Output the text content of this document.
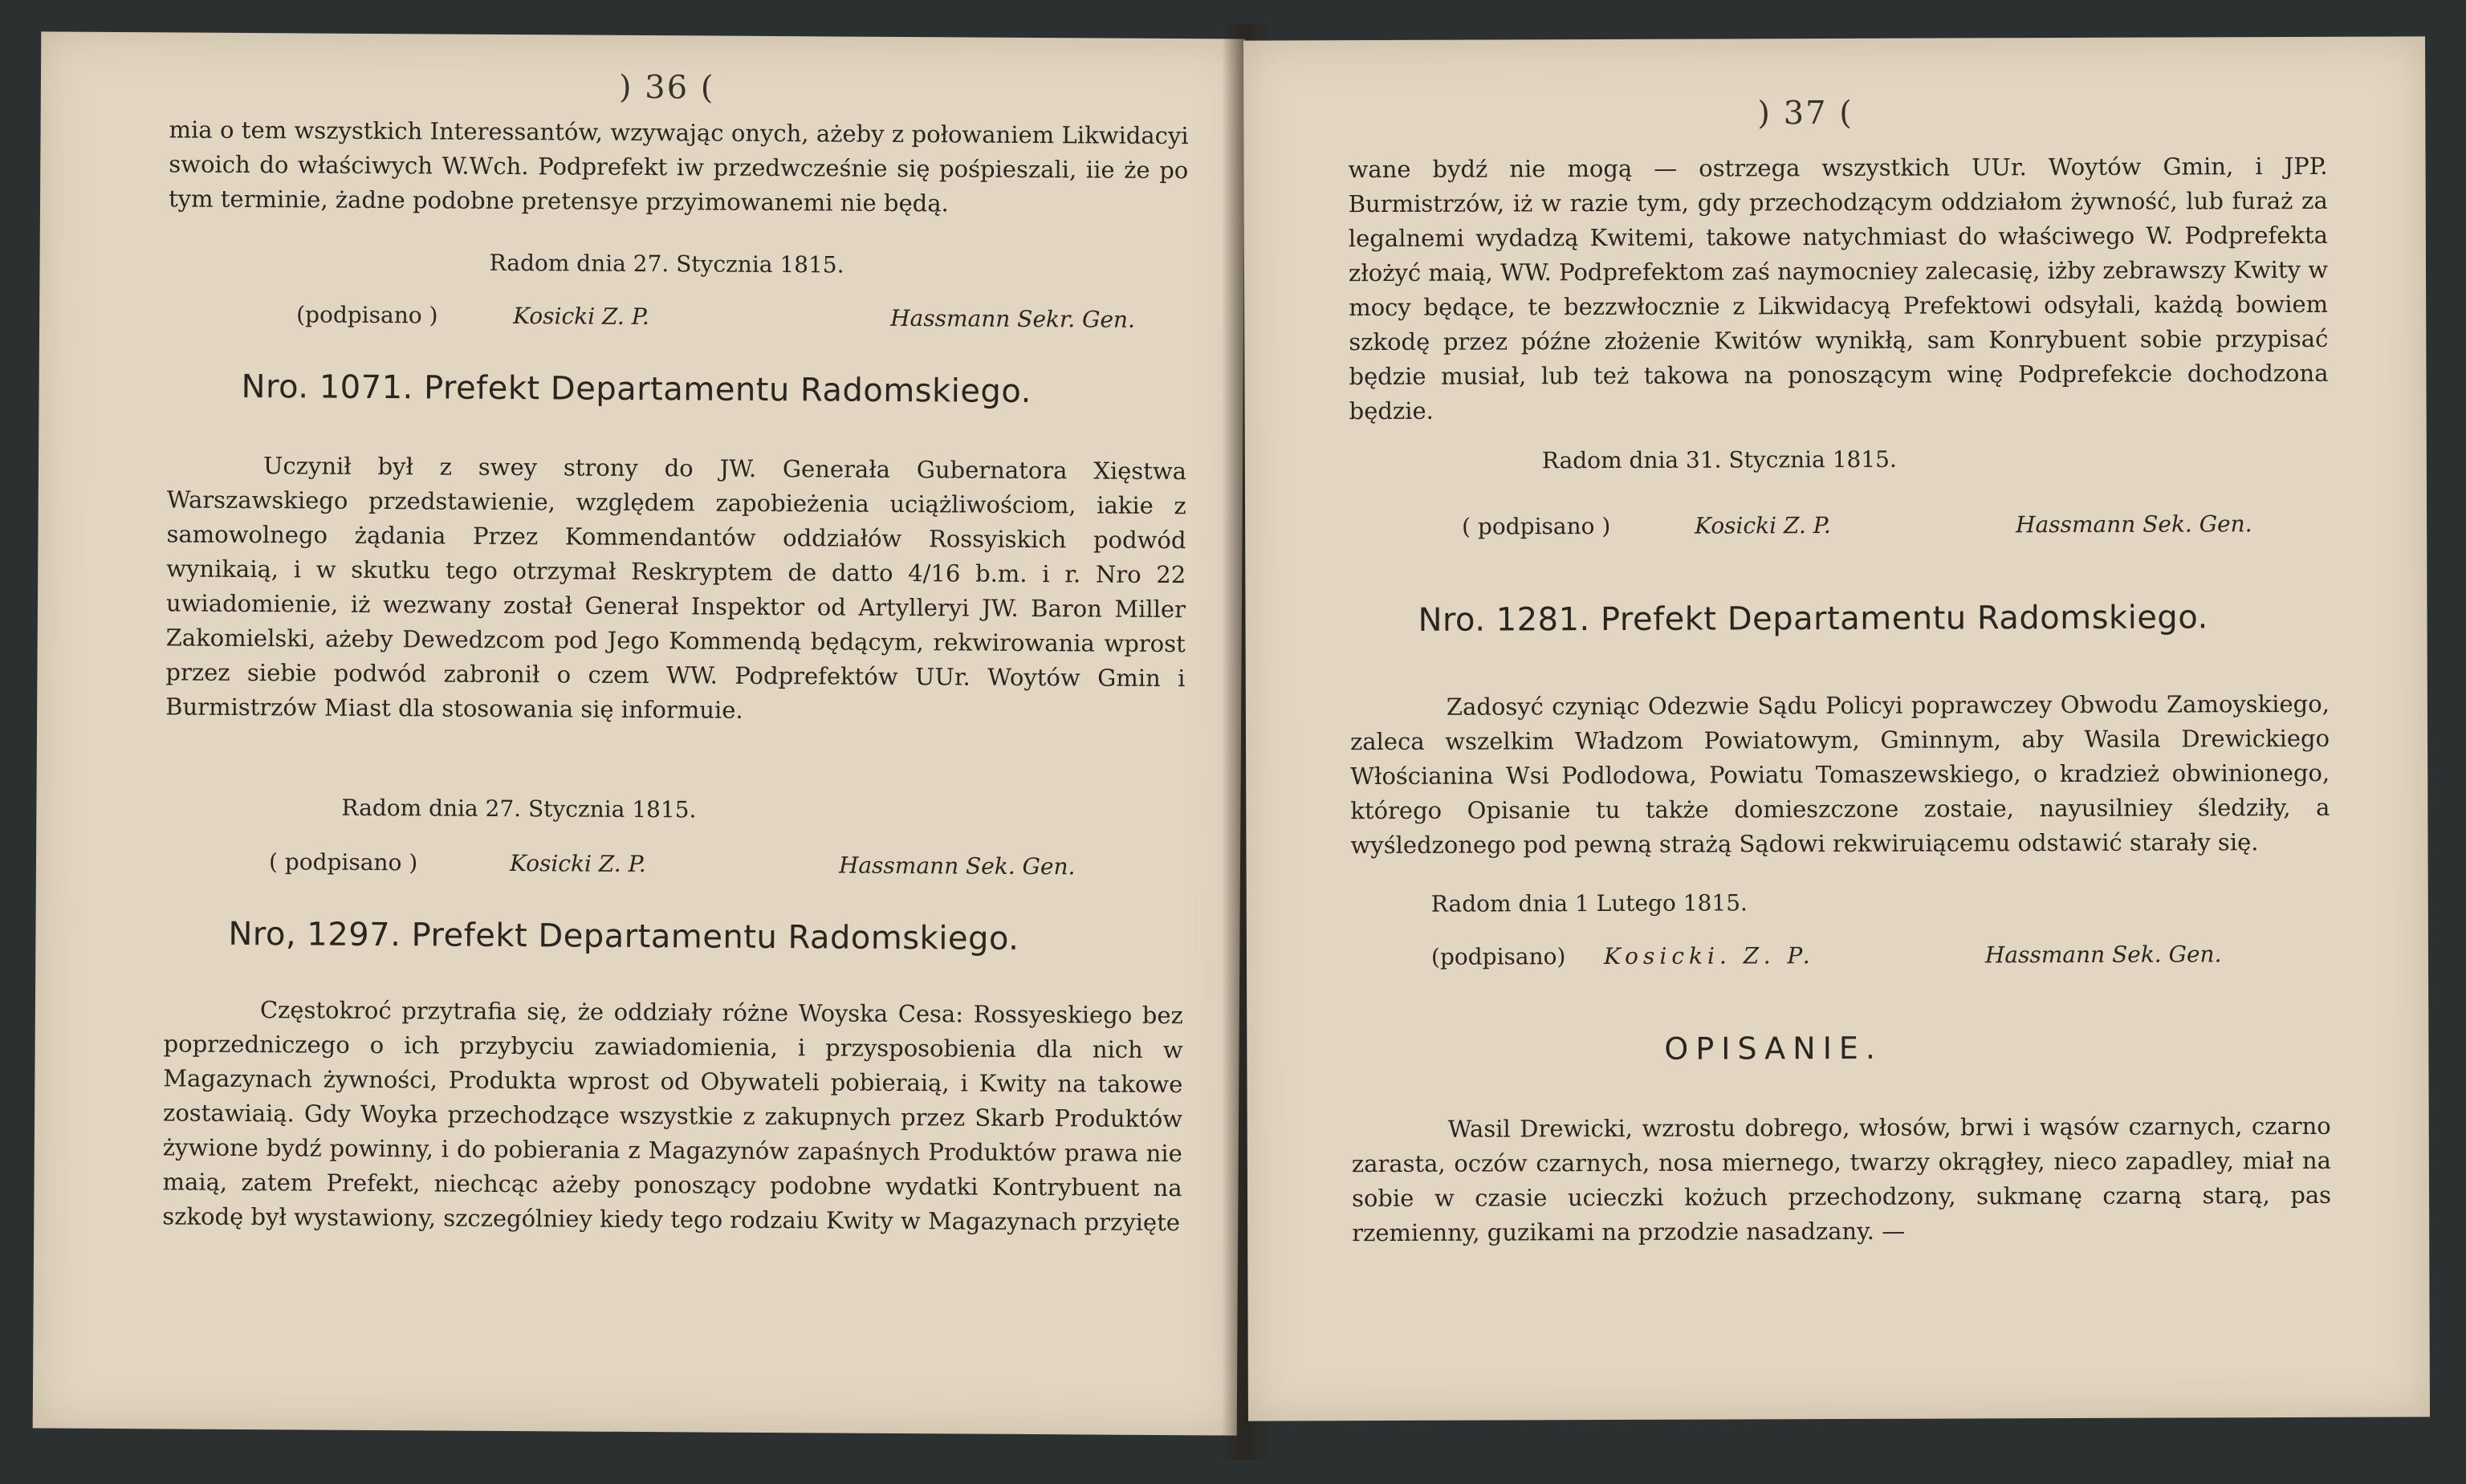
) 36 (

mia o tem wszystkich Interessantów, wzywając onych, ażeby z połowaniem Likwidacyi swoich do właściwych W.Wch. Podprefekt iw przedwcześnie się pośpieszali, iie że po tym terminie, żadne podobne pretensye przyimowanemi nie będą.

Radom dnia 27. Stycznia 1815.
(podpisano )	Kosicki Z. P.	Hassmann Sekr. Gen.
Nro. 1071. Prefekt Departamentu Radomskiego.

Uczynił był z swey strony do JW. Generała Gubernatora Xięstwa Warszawskiego przedstawienie, względem zapobieżenia uciążliwościom, iakie z samowolnego żądania Przez Kommendantów oddziałów Rossyiskich podwód wynikaią, i w skutku tego otrzymał Reskryptem de datto 4/16 b.m. i r. Nro 22 uwiadomienie, iż wezwany został Generał Inspektor od Artylleryi JW. Baron Miller Zakomielski, ażeby Dewedzcom pod Jego Kommendą będącym, rekwirowania wprost przez siebie podwód zabronił o czem WW. Podprefektów UUr. Woytów Gmin i Burmistrzów Miast dla stosowania się informuie.

Radom dnia 27. Stycznia 1815.
( podpisano )	Kosicki Z. P.	Hassmann Sek. Gen.
Nro, 1297. Prefekt Departamentu Radomskiego.

Częstokroć przytrafia się, że oddziały różne Woyska Cesa: Rossyeskiego bez poprzedniczego o ich przybyciu zawiadomienia, i przysposobienia dla nich w Magazynach żywności, Produkta wprost od Obywateli pobieraią, i Kwity na takowe zostawiaią. Gdy Woyka przechodzące wszystkie z zakupnych przez Skarb Produktów żywione bydź powinny, i do pobierania z Magazynów zapaśnych Produktów prawa nie maią, zatem Prefekt, niechcąc ażeby ponoszący podobne wydatki Kontrybuent na szkodę był wystawiony, szczególniey kiedy tego rodzaiu Kwity w Magazynach przyięte

) 37 (

wane bydź nie mogą — ostrzega wszystkich UUr. Woytów Gmin, i JPP. Burmistrzów, iż w razie tym, gdy przechodzącym oddziałom żywność, lub furaż za legalnemi wydadzą Kwitemi, takowe natychmiast do właściwego W. Podprefekta złożyć maią, WW. Podprefektom zaś naymocniey zalecasię, iżby zebrawszy Kwity w mocy będące, te bezzwłocznie z Likwidacyą Prefektowi odsyłali, każdą bowiem szkodę przez późne złożenie Kwitów wynikłą, sam Konrybuent sobie przypisać będzie musiał, lub też takowa na ponoszącym winę Podprefekcie dochodzona będzie.

Radom dnia 31. Stycznia 1815.
( podpisano )	Kosicki Z. P.	Hassmann Sek. Gen.
Nro. 1281. Prefekt Departamentu Radomskiego.

Zadosyć czyniąc Odezwie Sądu Policyi poprawczey Obwodu Zamoyskiego, zaleca wszelkim Władzom Powiatowym, Gminnym, aby Wasila Drewickiego Włościanina Wsi Podlodowa, Powiatu Tomaszewskiego, o kradzież obwinionego, którego Opisanie tu także domieszczone zostaie, nayusilniey śledziły, a wyśledzonego pod pewną strażą Sądowi rekwiruiącemu odstawić starały się.

Radom dnia 1 Lutego 1815.
(podpisano) Kosicki. Z. P.	Hassmann Sek. Gen.
OPISANIE.

Wasil Drewicki, wzrostu dobrego, włosów, brwi i wąsów czarnych, czarno zarasta, oczów czarnych, nosa miernego, twarzy okrągłey, nieco zapadley, miał na sobie w czasie ucieczki kożuch przechodzony, sukmanę czarną starą, pas rzemienny, guzikami na przodzie nasadzany. —
